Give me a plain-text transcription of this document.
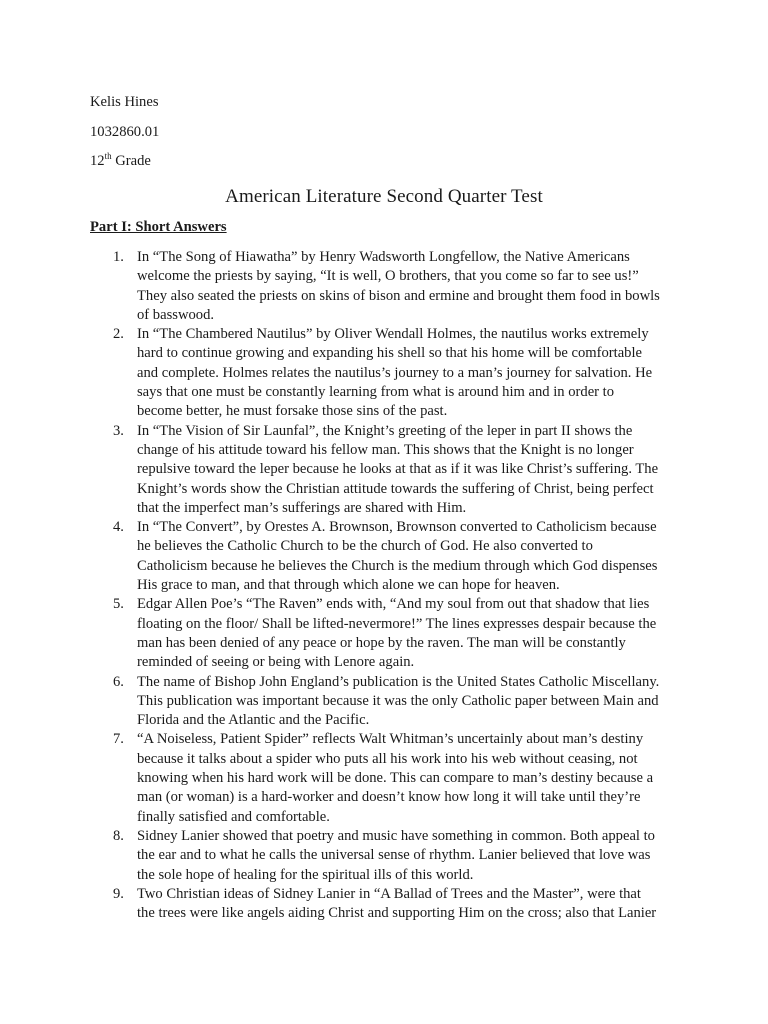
Kelis Hines

1032860.01

12th Grade

American Literature Second Quarter Test

Part I: Short Answers

1. In “The Song of Hiawatha” by Henry Wadsworth Longfellow, the Native Americans
welcome the priests by saying, “It is well, O brothers, that you come so far to see us!”
They also seated the priests on skins of bison and ermine and brought them food in bowls
of basswood.
2. In “The Chambered Nautilus” by Oliver Wendall Holmes, the nautilus works extremely
hard to continue growing and expanding his shell so that his home will be comfortable
and complete. Holmes relates the nautilus’s journey to a man’s journey for salvation. He
says that one must be constantly learning from what is around him and in order to
become better, he must forsake those sins of the past.
3. In “The Vision of Sir Launfal”, the Knight’s greeting of the leper in part II shows the
change of his attitude toward his fellow man. This shows that the Knight is no longer
repulsive toward the leper because he looks at that as if it was like Christ’s suffering. The
Knight’s words show the Christian attitude towards the suffering of Christ, being perfect
that the imperfect man’s sufferings are shared with Him.
4. In “The Convert”, by Orestes A. Brownson, Brownson converted to Catholicism because
he believes the Catholic Church to be the church of God. He also converted to
Catholicism because he believes the Church is the medium through which God dispenses
His grace to man, and that through which alone we can hope for heaven.
5. Edgar Allen Poe’s “The Raven” ends with, “And my soul from out that shadow that lies
floating on the floor/ Shall be lifted-nevermore!” The lines expresses despair because the
man has been denied of any peace or hope by the raven. The man will be constantly
reminded of seeing or being with Lenore again.
6. The name of Bishop John England’s publication is the United States Catholic Miscellany.
This publication was important because it was the only Catholic paper between Main and
Florida and the Atlantic and the Pacific.
7. “A Noiseless, Patient Spider” reflects Walt Whitman’s uncertainly about man’s destiny
because it talks about a spider who puts all his work into his web without ceasing, not
knowing when his hard work will be done. This can compare to man’s destiny because a
man (or woman) is a hard-worker and doesn’t know how long it will take until they’re
finally satisfied and comfortable.
8. Sidney Lanier showed that poetry and music have something in common. Both appeal to
the ear and to what he calls the universal sense of rhythm. Lanier believed that love was
the sole hope of healing for the spiritual ills of this world.
9. Two Christian ideas of Sidney Lanier in “A Ballad of Trees and the Master”, were that
the trees were like angels aiding Christ and supporting Him on the cross; also that Lanier
